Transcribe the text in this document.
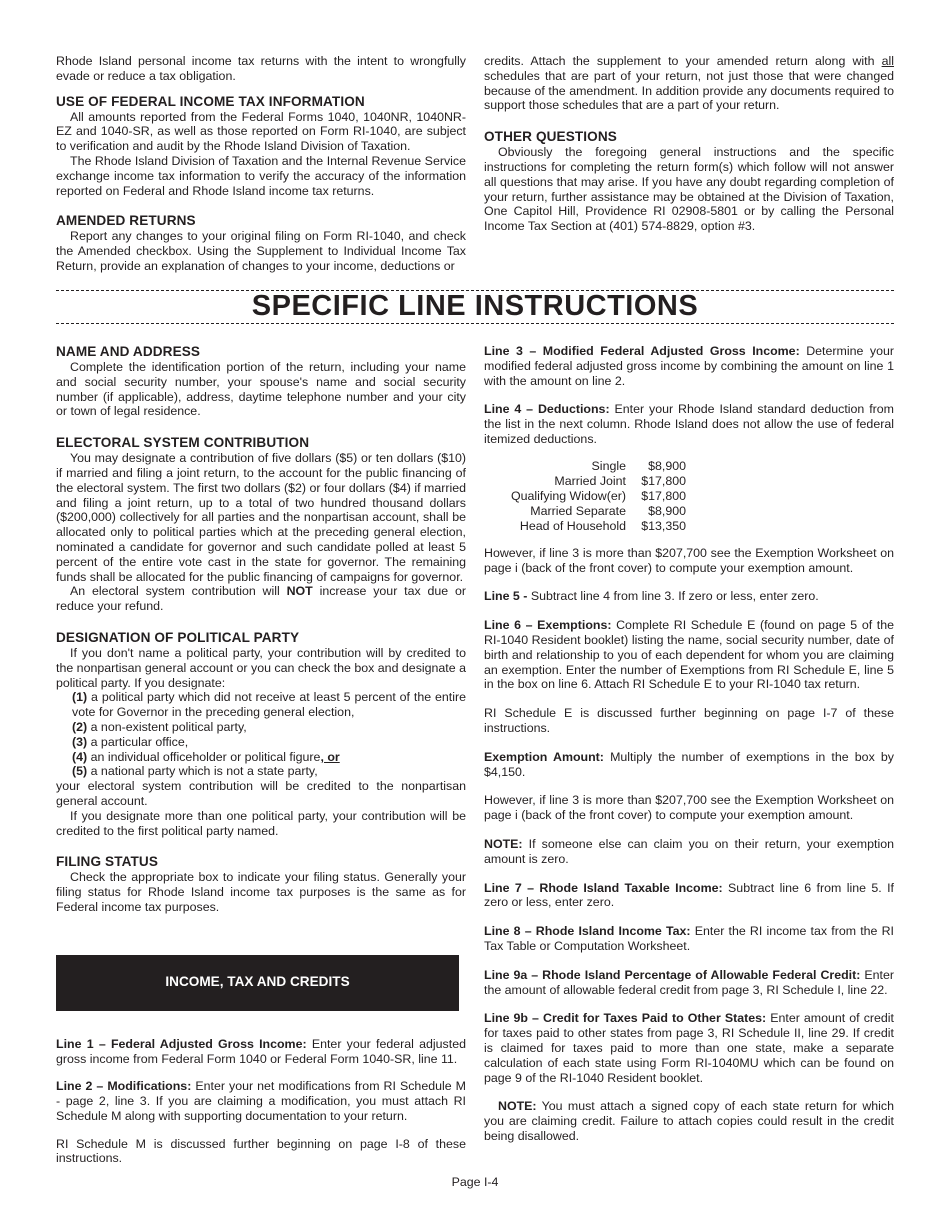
Rhode Island personal income tax returns with the intent to wrongfully evade or reduce a tax obligation.

USE OF FEDERAL INCOME TAX INFORMATION

All amounts reported from the Federal Forms 1040, 1040NR, 1040NR-EZ and 1040-SR, as well as those reported on Form RI-1040, are subject to verification and audit by the Rhode Island Division of Taxation.

The Rhode Island Division of Taxation and the Internal Revenue Service exchange income tax information to verify the accuracy of the information reported on Federal and Rhode Island income tax returns.

AMENDED RETURNS

Report any changes to your original filing on Form RI-1040, and check the Amended checkbox. Using the Supplement to Individual Income Tax Return, provide an explanation of changes to your income, deductions or

credits. Attach the supplement to your amended return along with all schedules that are part of your return, not just those that were changed because of the amendment. In addition provide any documents required to support those schedules that are a part of your return.

OTHER QUESTIONS

Obviously the foregoing general instructions and the specific instructions for completing the return form(s) which follow will not answer all questions that may arise. If you have any doubt regarding completion of your return, further assistance may be obtained at the Division of Taxation, One Capitol Hill, Providence RI 02908-5801 or by calling the Personal Income Tax Section at (401) 574-8829, option #3.

SPECIFIC LINE INSTRUCTIONS
NAME AND ADDRESS

Complete the identification portion of the return, including your name and social security number, your spouse's name and social security number (if applicable), address, daytime telephone number and your city or town of legal residence.

ELECTORAL SYSTEM CONTRIBUTION

You may designate a contribution of five dollars ($5) or ten dollars ($10) if married and filing a joint return, to the account for the public financing of the electoral system. The first two dollars ($2) or four dollars ($4) if married and filing a joint return, up to a total of two hundred thousand dollars ($200,000) collectively for all parties and the nonpartisan account, shall be allocated only to political parties which at the preceding general election, nominated a candidate for governor and such candidate polled at least 5 percent of the entire vote cast in the state for governor. The remaining funds shall be allocated for the public financing of campaigns for governor.

An electoral system contribution will NOT increase your tax due or reduce your refund.

DESIGNATION OF POLITICAL PARTY

If you don't name a political party, your contribution will by credited to the nonpartisan general account or you can check the box and designate a political party. If you designate:

(1) a political party which did not receive at least 5 percent of the entire vote for Governor in the preceding general election,

(2) a non-existent political party,

(3) a particular office,

(4) an individual officeholder or political figure, or

(5) a national party which is not a state party,

your electoral system contribution will be credited to the nonpartisan general account.

If you designate more than one political party, your contribution will be credited to the first political party named.

FILING STATUS

Check the appropriate box to indicate your filing status. Generally your filing status for Rhode Island income tax purposes is the same as for Federal income tax purposes.

INCOME, TAX AND CREDITS

Line 1 – Federal Adjusted Gross Income: Enter your federal adjusted gross income from Federal Form 1040 or Federal Form 1040-SR, line 11.

Line 2 – Modifications: Enter your net modifications from RI Schedule M - page 2, line 3. If you are claiming a modification, you must attach RI Schedule M along with supporting documentation to your return.

RI Schedule M is discussed further beginning on page I-8 of these instructions.

Line 3 – Modified Federal Adjusted Gross Income: Determine your modified federal adjusted gross income by combining the amount on line 1 with the amount on line 2.

Line 4 – Deductions: Enter your Rhode Island standard deduction from the list in the next column. Rhode Island does not allow the use of federal itemized deductions.

Single	$8,900
Married Joint	$17,800
Qualifying Widow(er)	$17,800
Married Separate	$8,900
Head of Household	$13,350

However, if line 3 is more than $207,700 see the Exemption Worksheet on page i (back of the front cover) to compute your exemption amount.

Line 5 - Subtract line 4 from line 3. If zero or less, enter zero.

Line 6 – Exemptions: Complete RI Schedule E (found on page 5 of the RI-1040 Resident booklet) listing the name, social security number, date of birth and relationship to you of each dependent for whom you are claiming an exemption. Enter the number of Exemptions from RI Schedule E, line 5 in the box on line 6. Attach RI Schedule E to your RI-1040 tax return.

RI Schedule E is discussed further beginning on page I-7 of these instructions.

Exemption Amount: Multiply the number of exemptions in the box by $4,150.

However, if line 3 is more than $207,700 see the Exemption Worksheet on page i (back of the front cover) to compute your exemption amount.

NOTE: If someone else can claim you on their return, your exemption amount is zero.

Line 7 – Rhode Island Taxable Income: Subtract line 6 from line 5. If zero or less, enter zero.

Line 8 – Rhode Island Income Tax: Enter the RI income tax from the RI Tax Table or Computation Worksheet.

Line 9a – Rhode Island Percentage of Allowable Federal Credit: Enter the amount of allowable federal credit from page 3, RI Schedule I, line 22.

Line 9b – Credit for Taxes Paid to Other States: Enter amount of credit for taxes paid to other states from page 3, RI Schedule II, line 29. If credit is claimed for taxes paid to more than one state, make a separate calculation of each state using Form RI-1040MU which can be found on page 9 of the RI-1040 Resident booklet.

NOTE: You must attach a signed copy of each state return for which you are claiming credit. Failure to attach copies could result in the credit being disallowed.

Page I-4
